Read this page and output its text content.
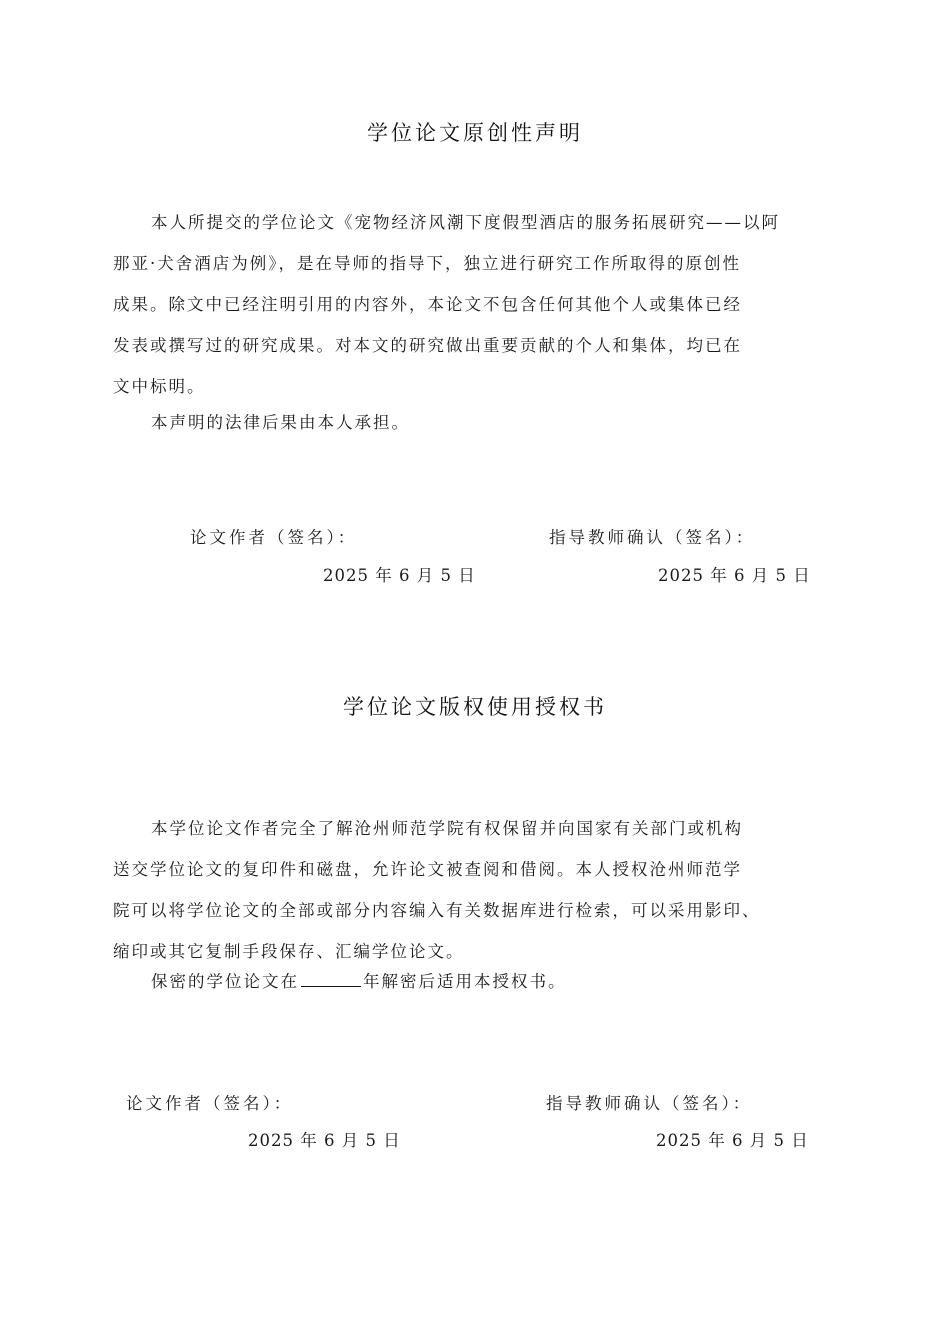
学位论文原创性声明

本人所提交的学位论文《宠物经济风潮下度假型酒店的服务拓展研究——以阿
那亚·犬舍酒店为例》，是在导师的指导下，独立进行研究工作所取得的原创性
成果。除文中已经注明引用的内容外，本论文不包含任何其他个人或集体已经
发表或撰写过的研究成果。对本文的研究做出重要贡献的个人和集体，均已在
文中标明。

本声明的法律后果由本人承担。

论文作者（签名）：	指导教师确认（签名）：
2025 年 6 月 5 日	2025 年 6 月 5 日
学位论文版权使用授权书

本学位论文作者完全了解沧州师范学院有权保留并向国家有关部门或机构
送交学位论文的复印件和磁盘，允许论文被查阅和借阅。本人授权沧州师范学
院可以将学位论文的全部或部分内容编入有关数据库进行检索，可以采用影印、
缩印或其它复制手段保存、汇编学位论文。

保密的学位论文在	年解密后适用本授权书。

论文作者（签名）：	指导教师确认（签名）：
2025 年 6 月 5 日	2025 年 6 月 5 日
